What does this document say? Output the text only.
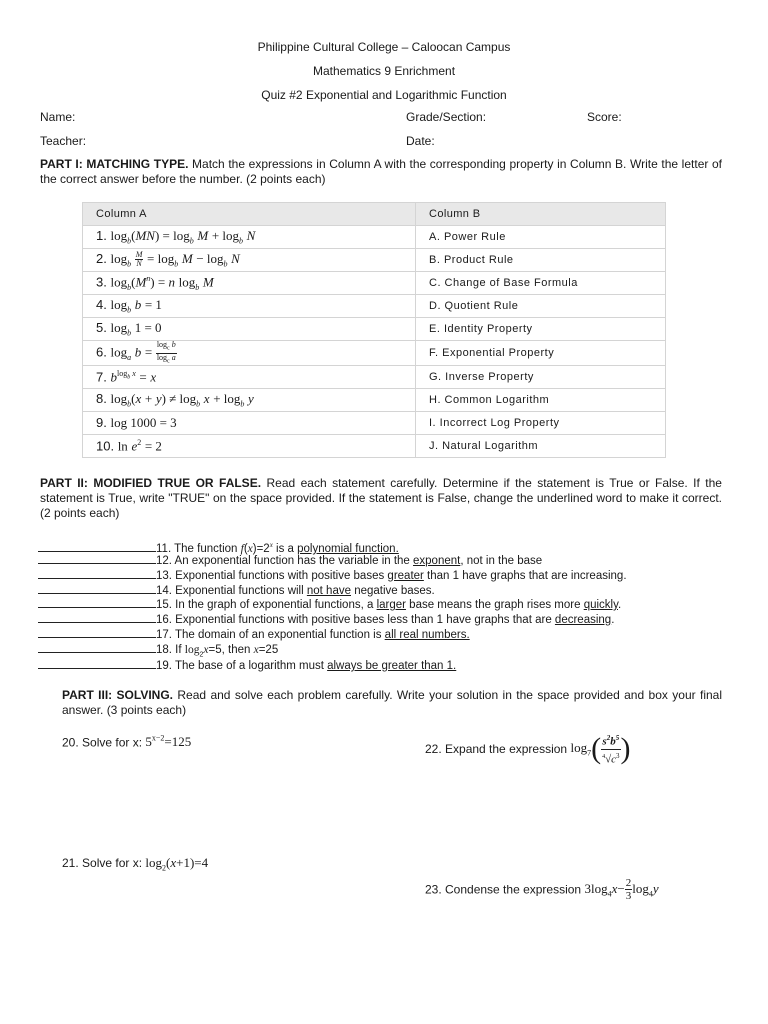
Philippine Cultural College – Caloocan Campus
Mathematics 9 Enrichment
Quiz #2 Exponential and Logarithmic Function
Name:	Grade/Section:	Score:
Teacher:	Date:
PART I: MATCHING TYPE. Match the expressions in Column A with the corresponding property in Column B. Write the letter of the correct answer before the number. (2 points each)
Column A	Column B
1. $\log_b(MN) = \log_b M + \log_b N$	A. Power Rule
2. $\log_b \frac{M}{N} = \log_b M - \log_b N$	B. Product Rule
3. $\log_b(M^n) = n$ $\log_b M$	C. Change of Base Formula
4. $\log_b b = 1$	D. Quotient Rule
5. $\log_b 1 = 0$	E. Identity Property
6. $\log_a b = \frac{\log_c b}{\log_c a}$	F. Exponential Property
7. $b^{log_b x} = x$	G. Inverse Property
8. $\log_b(x + y) \ne \log_b x + \log_b y$	H. Common Logarithm
9. log 1000 = 3	I. Incorrect Log Property
10. $\ln e^2 = 2$	J. Natural Logarithm
PART II: MODIFIED TRUE OR FALSE. Read each statement carefully. Determine if the statement is True or False. If the statement is True, write "TRUE" on the space provided. If the statement is False, change the underlined word to make it correct. (2 points each)
11. The function $f(x)=2^x$ is a polynomial function.
12. An exponential function has the variable in the exponent, not in the base
13. Exponential functions with positive bases greater than 1 have graphs that are increasing.
14. Exponential functions will not have negative bases.
15. In the graph of exponential functions, a larger base means the graph rises more quickly.
16. Exponential functions with positive bases less than 1 have graphs that are decreasing.
17. The domain of an exponential function is all real numbers.
18. If $\log_2x=5$, then x=25
19. The base of a logarithm must always be greater than 1.
PART III: SOLVING. Read and solve each problem carefully. Write your solution in the space provided and box your final answer. (3 points each)
20. Solve for x: $5^{x-2}=125$	22. Expand the expression $\log_7( \frac{s^2b^5}{^4√c^3}$ )
21. Solve for x: $\log_2(x+1)=4$
23. Condense the expression $3\log_4x- \frac{2}{3} \log_4y$
